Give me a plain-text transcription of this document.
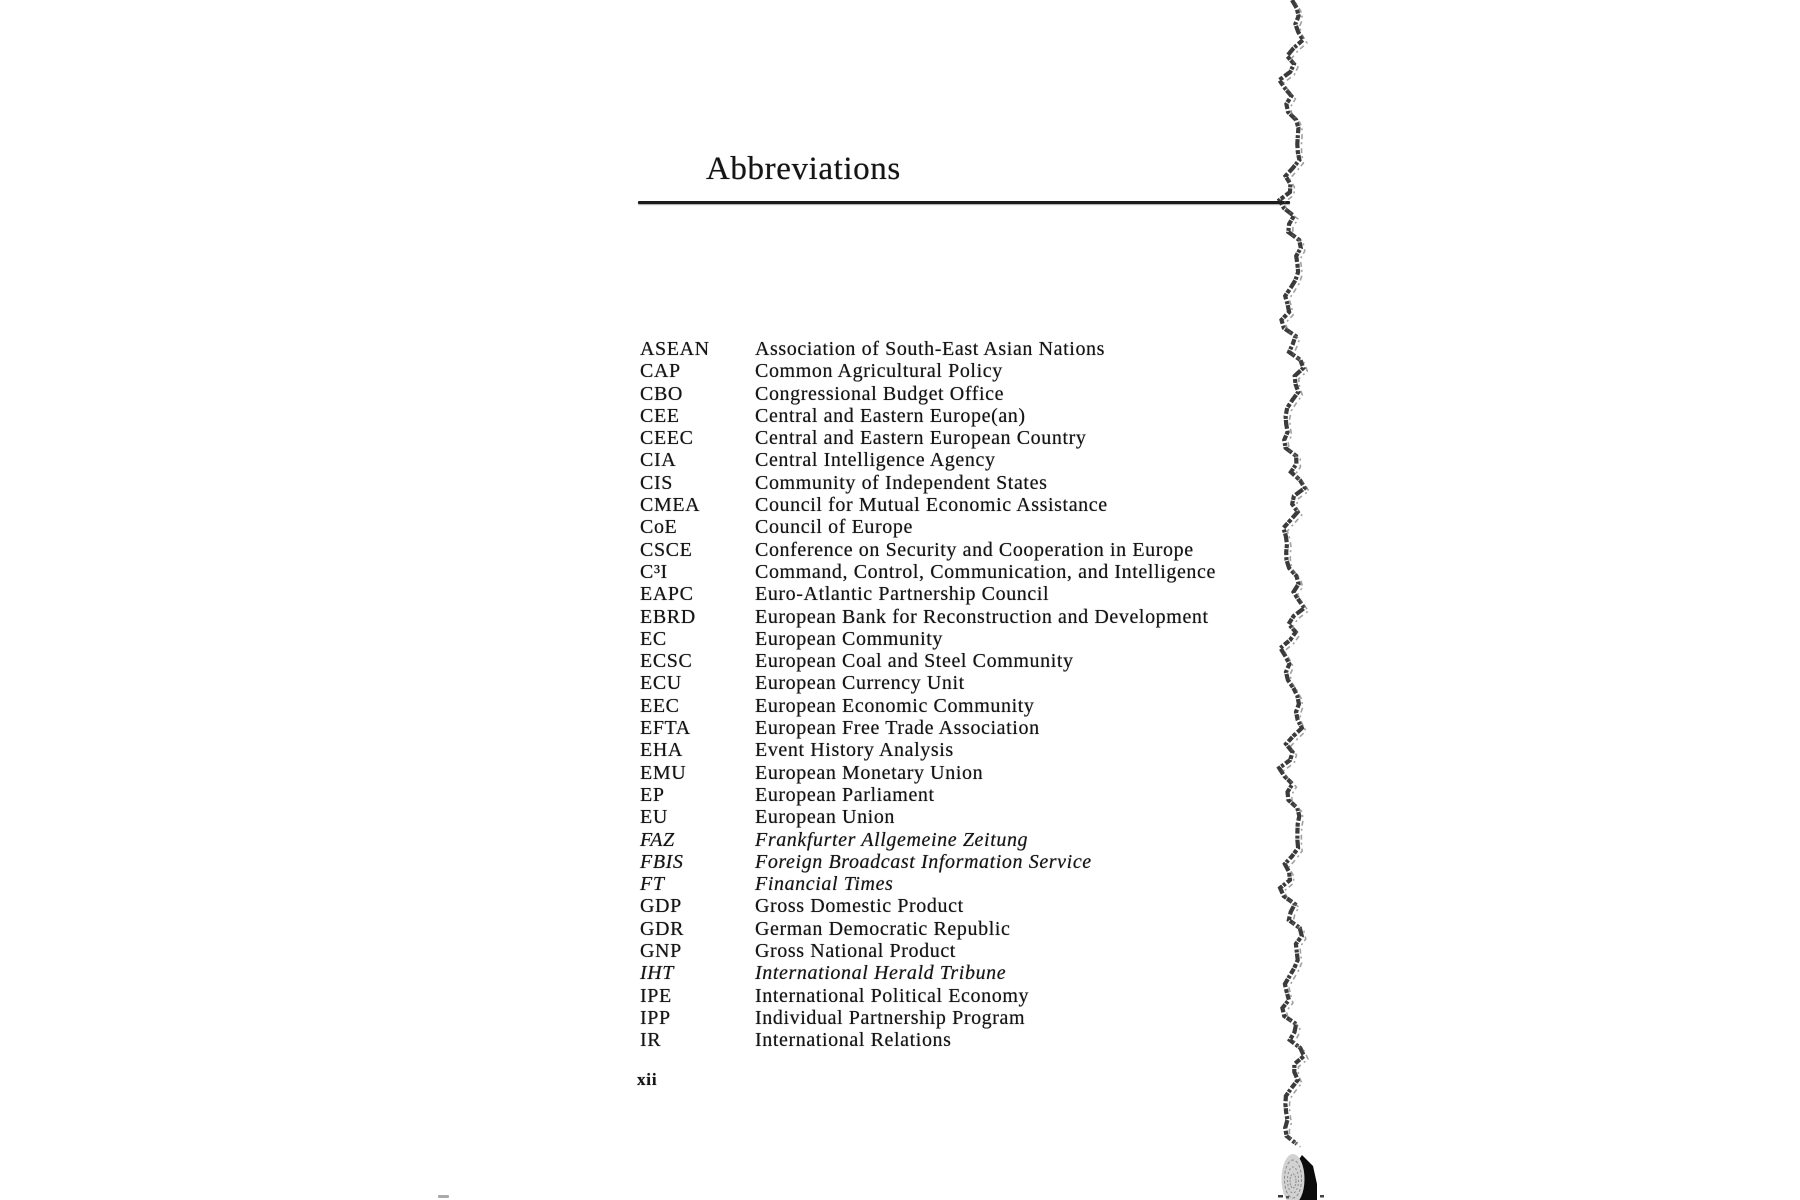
Abbreviations
ASEAN	Association of South-East Asian Nations
CAP	Common Agricultural Policy
CBO	Congressional Budget Office
CEE	Central and Eastern Europe(an)
CEEC	Central and Eastern European Country
CIA	Central Intelligence Agency
CIS	Community of Independent States
CMEA	Council for Mutual Economic Assistance
CoE	Council of Europe
CSCE	Conference on Security and Cooperation in Europe
C³I	Command, Control, Communication, and Intelligence
EAPC	Euro-Atlantic Partnership Council
EBRD	European Bank for Reconstruction and Development
EC	European Community
ECSC	European Coal and Steel Community
ECU	European Currency Unit
EEC	European Economic Community
EFTA	European Free Trade Association
EHA	Event History Analysis
EMU	European Monetary Union
EP	European Parliament
EU	European Union
FAZ	Frankfurter Allgemeine Zeitung
FBIS	Foreign Broadcast Information Service
FT	Financial Times
GDP	Gross Domestic Product
GDR	German Democratic Republic
GNP	Gross National Product
IHT	International Herald Tribune
IPE	International Political Economy
IPP	Individual Partnership Program
IR	International Relations
xii
